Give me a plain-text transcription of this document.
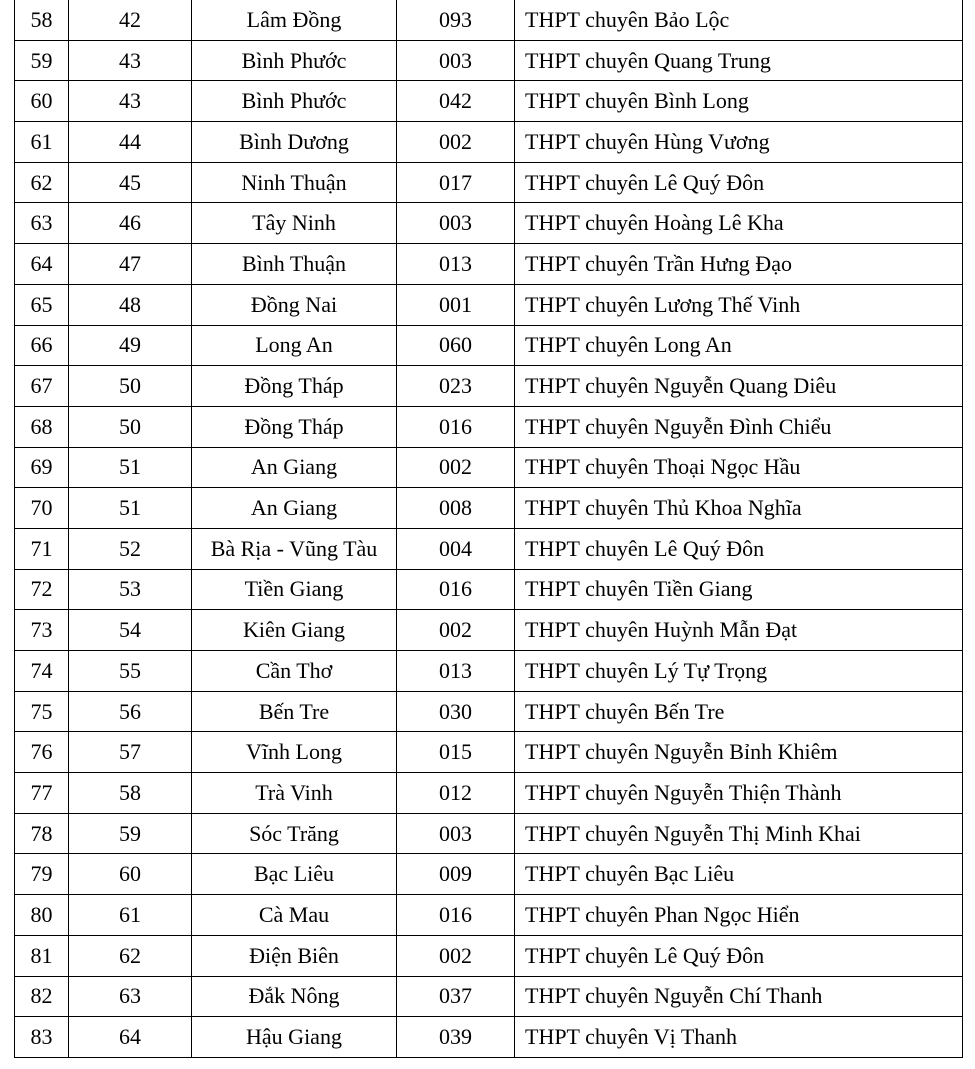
58	42	Lâm Đồng	093	THPT chuyên Bảo Lộc
59	43	Bình Phước	003	THPT chuyên Quang Trung
60	43	Bình Phước	042	THPT chuyên Bình Long
61	44	Bình Dương	002	THPT chuyên Hùng Vương
62	45	Ninh Thuận	017	THPT chuyên Lê Quý Đôn
63	46	Tây Ninh	003	THPT chuyên Hoàng Lê Kha
64	47	Bình Thuận	013	THPT chuyên Trần Hưng Đạo
65	48	Đồng Nai	001	THPT chuyên Lương Thế Vinh
66	49	Long An	060	THPT chuyên Long An
67	50	Đồng Tháp	023	THPT chuyên Nguyễn Quang Diêu
68	50	Đồng Tháp	016	THPT chuyên Nguyễn Đình Chiểu
69	51	An Giang	002	THPT chuyên Thoại Ngọc Hầu
70	51	An Giang	008	THPT chuyên Thủ Khoa Nghĩa
71	52	Bà Rịa - Vũng Tàu	004	THPT chuyên Lê Quý Đôn
72	53	Tiền Giang	016	THPT chuyên Tiền Giang
73	54	Kiên Giang	002	THPT chuyên Huỳnh Mẫn Đạt
74	55	Cần Thơ	013	THPT chuyên Lý Tự Trọng
75	56	Bến Tre	030	THPT chuyên Bến Tre
76	57	Vĩnh Long	015	THPT chuyên Nguyễn Bỉnh Khiêm
77	58	Trà Vinh	012	THPT chuyên Nguyễn Thiện Thành
78	59	Sóc Trăng	003	THPT chuyên Nguyễn Thị Minh Khai
79	60	Bạc Liêu	009	THPT chuyên Bạc Liêu
80	61	Cà Mau	016	THPT chuyên Phan Ngọc Hiển
81	62	Điện Biên	002	THPT chuyên Lê Quý Đôn
82	63	Đắk Nông	037	THPT chuyên Nguyễn Chí Thanh
83	64	Hậu Giang	039	THPT chuyên Vị Thanh
